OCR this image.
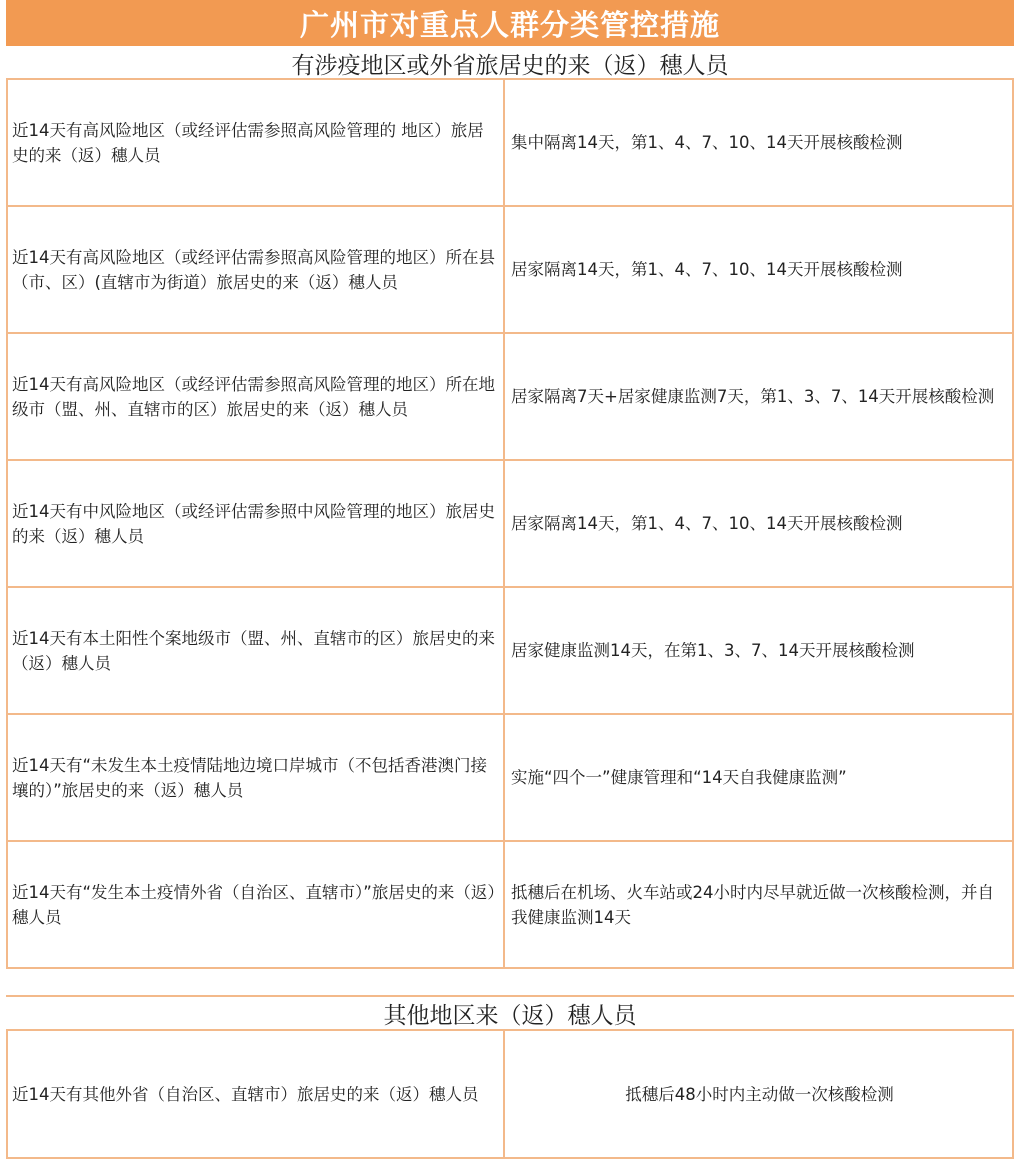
广州市对重点人群分类管控措施
有涉疫地区或外省旅居史的来（返）穗人员
近14天有高风险地区（或经评估需参照高风险管理的 地区）旅居史的来（返）穗人员
集中隔离14天，第1、4、7、10、14天开展核酸检测
近14天有高风险地区（或经评估需参照高风险管理的地区）所在县（市、区）(直辖市为街道）旅居史的来（返）穗人员
居家隔离14天，第1、4、7、10、14天开展核酸检测
近14天有高风险地区（或经评估需参照高风险管理的地区）所在地级市（盟、州、直辖市的区）旅居史的来（返）穗人员
居家隔离7天+居家健康监测7天，第1、3、7、14天开展核酸检测
近14天有中风险地区（或经评估需参照中风险管理的地区）旅居史的来（返）穗人员
居家隔离14天，第1、4、7、10、14天开展核酸检测
近14天有本土阳性个案地级市（盟、州、直辖市的区）旅居史的来（返）穗人员
居家健康监测14天，在第1、3、7、14天开展核酸检测
近14天有“未发生本土疫情陆地边境口岸城市（不包括香港澳门接壤的）”旅居史的来（返）穗人员
实施“四个一”健康管理和“14天自我健康监测”
近14天有“发生本土疫情外省（自治区、直辖市）”旅居史的来（返）穗人员
抵穗后在机场、火车站或24小时内尽早就近做一次核酸检测，并自我健康监测14天
其他地区来（返）穗人员
近14天有其他外省（自治区、直辖市）旅居史的来（返）穗人员	抵穗后48小时内主动做一次核酸检测
